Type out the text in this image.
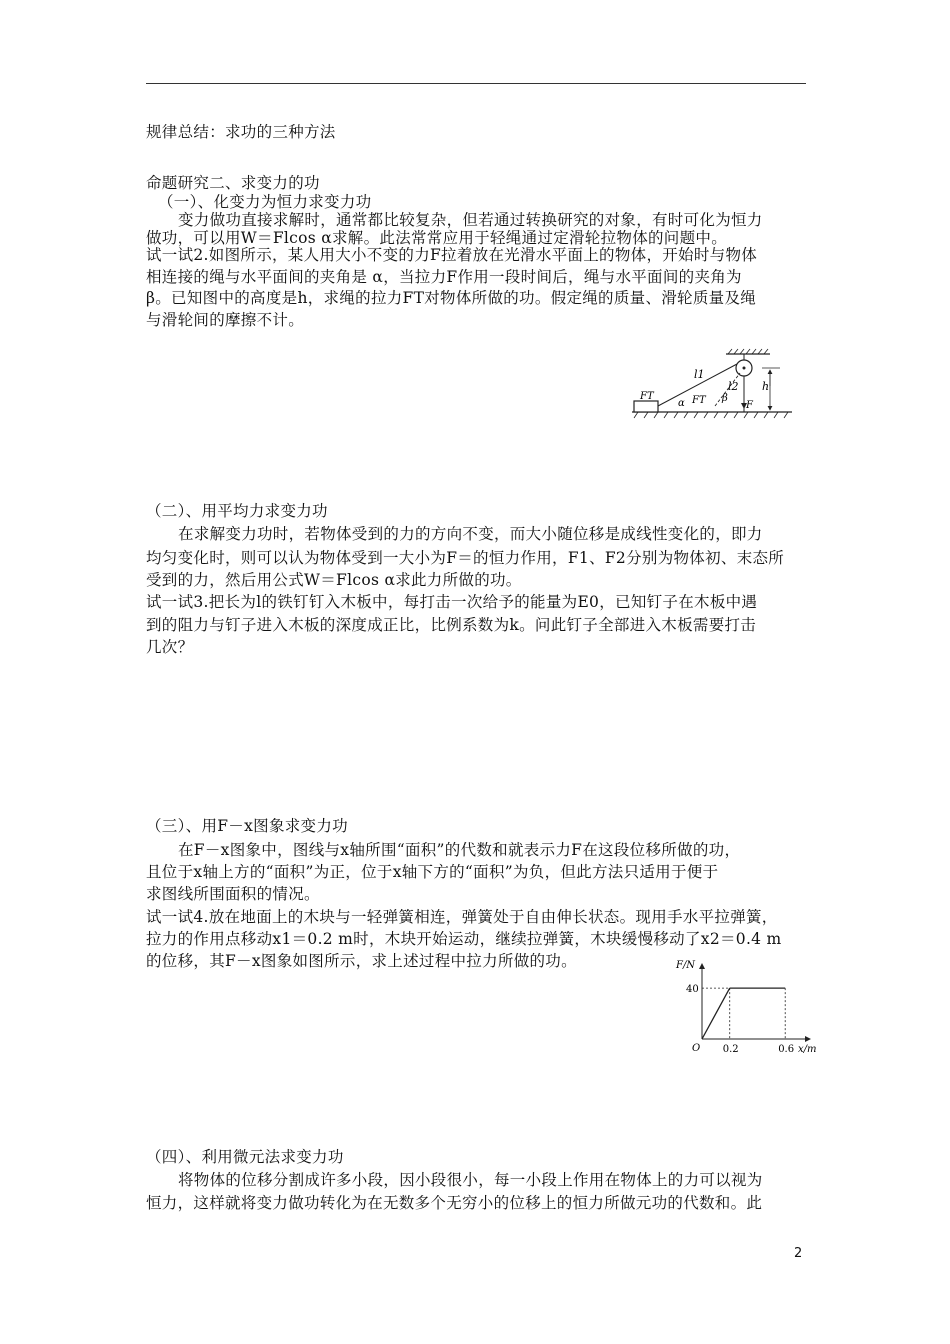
规律总结：求功的三种方法
命题研究二、求变力的功
（一）、化变力为恒力求变力功
变力做功直接求解时，通常都比较复杂，但若通过转换研究的对象，有时可化为恒力
做功，可以用W＝Flcos α求解。此法常常应用于轻绳通过定滑轮拉物体的问题中。
试一试2.如图所示，某人用大小不变的力F拉着放在光滑水平面上的物体，开始时与物体
相连接的绳与水平面间的夹角是 α，当拉力F作用一段时间后，绳与水平面间的夹角为
β。已知图中的高度是h，求绳的拉力FT对物体所做的功。假定绳的质量、滑轮质量及绳
与滑轮间的摩擦不计。
l1
l2 h
α	β
FT	FT	F
（二）、用平均力求变力功
在求解变力功时，若物体受到的力的方向不变，而大小随位移是成线性变化的，即力
均匀变化时，则可以认为物体受到一大小为F＝的恒力作用，F1、F2分别为物体初、末态所
受到的力，然后用公式W＝Flcos α求此力所做的功。
试一试3.把长为l的铁钉钉入木板中，每打击一次给予的能量为E0，已知钉子在木板中遇
到的阻力与钉子进入木板的深度成正比，比例系数为k。问此钉子全部进入木板需要打击
几次？
（三）、用F－x图象求变力功
在F－x图象中，图线与x轴所围“面积”的代数和就表示力F在这段位移所做的功，
且位于x轴上方的“面积”为正，位于x轴下方的“面积”为负，但此方法只适用于便于
求图线所围面积的情况。
试一试4.放在地面上的木块与一轻弹簧相连，弹簧处于自由伸长状态。现用手水平拉弹簧，
拉力的作用点移动x1＝0.2 m时，木块开始运动，继续拉弹簧，木块缓慢移动了x2＝0.4 m
的位移，其F－x图象如图所示，求上述过程中拉力所做的功。	F/N
x/m
O 0.2	0.6
40
（四）、利用微元法求变力功
将物体的位移分割成许多小段，因小段很小，每一小段上作用在物体上的力可以视为
恒力，这样就将变力做功转化为在无数多个无穷小的位移上的恒力所做元功的代数和。此
2
